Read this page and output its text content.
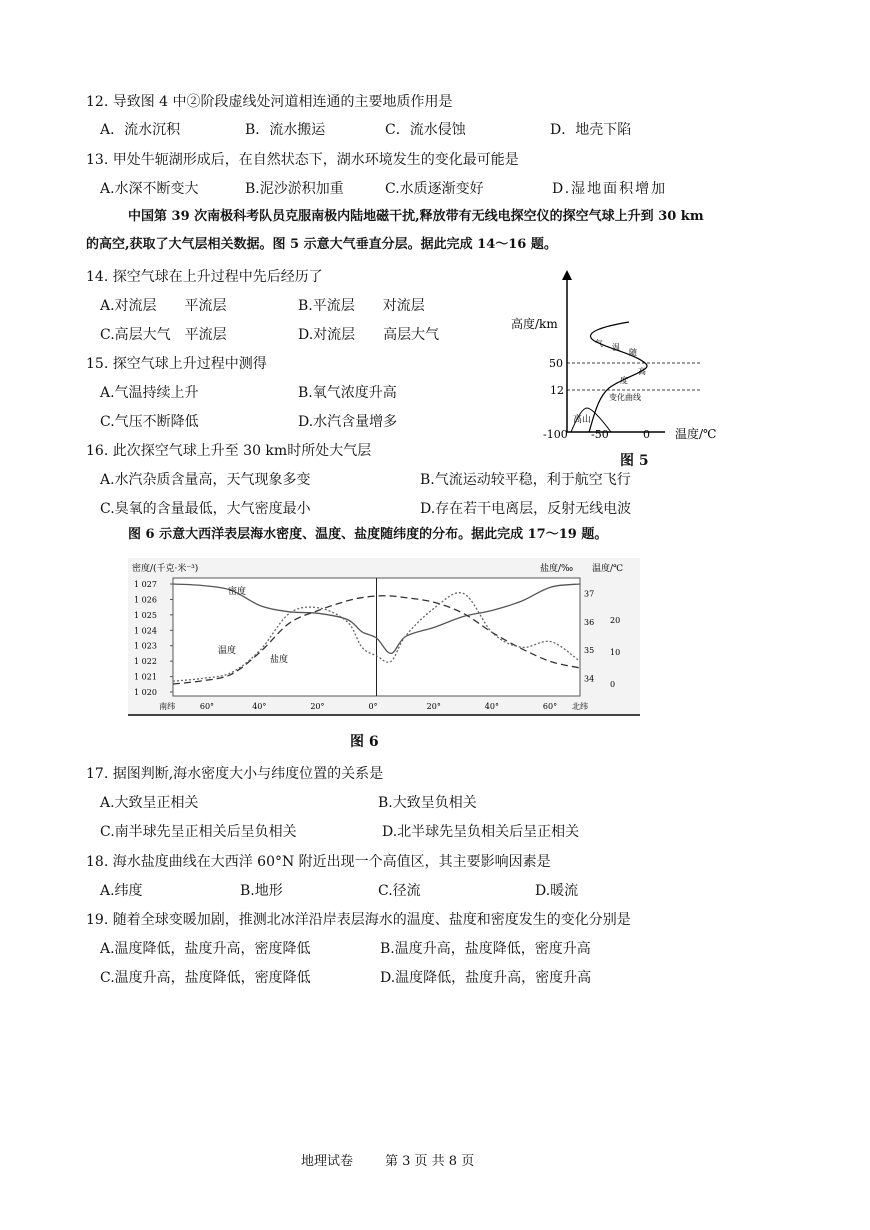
12. 导致图 4 中②阶段虚线处河道相连通的主要地质作用是
A．流水沉积	B．流水搬运	C．流水侵蚀	D．地壳下陷
13. 甲处牛轭湖形成后，在自然状态下，湖水环境发生的变化最可能是
A.水深不断变大	B.泥沙淤积加重	C.水质逐渐变好	D.湿地面积增加
中国第 39 次南极科考队员克服南极内陆地磁干扰,释放带有无线电探空仪的探空气球上升到 30 km
的高空,获取了大气层相关数据。图 5 示意大气垂直分层。据此完成 14～16 题。
14. 探空气球在上升过程中先后经历了
A.对流层　　平流层	B.平流层　　对流层
C.高层大气　平流层	D.对流层　　高层大气
15. 探空气球上升过程中测得
A.气温持续上升	B.氧气浓度升高
C.气压不断降低	D.水汽含量增多
16. 此次探空气球上升至 30 km时所处大气层
A.水汽杂质含量高，天气现象多变	B.气流运动较平稳，利于航空飞行
C.臭氧的含量最低，大气密度最小	D.存在若干电离层，反射无线电波
高度/km
温度/℃
50
12
-100 -50	0
高山
气 温
随
高
度
变化曲线
图 5
图 6 示意大西洋表层海水密度、温度、盐度随纬度的分布。据此完成 17～19 题。
密度/(千克·米⁻³)	盐度/‰ 温度/℃
1 027
1 026
1 025
1 024
1 023
1 022
1 021
1 020
37
36
35
34
20
10
0
南纬	60°	40°	20°	0°	20°	40°	60° 北纬
密度
温度
盐度
图 6
17. 据图判断,海水密度大小与纬度位置的关系是
A.大致呈正相关	B.大致呈负相关
C.南半球先呈正相关后呈负相关	D.北半球先呈负相关后呈正相关
18. 海水盐度曲线在大西洋 60°N 附近出现一个高值区，其主要影响因素是
A.纬度	B.地形	C.径流	D.暖流
19. 随着全球变暖加剧，推测北冰洋沿岸表层海水的温度、盐度和密度发生的变化分别是
A.温度降低，盐度升高，密度降低	B.温度升高，盐度降低，密度升高
C.温度升高，盐度降低，密度降低	D.温度降低，盐度升高，密度升高
地理试卷 第 3 页 共 8 页
